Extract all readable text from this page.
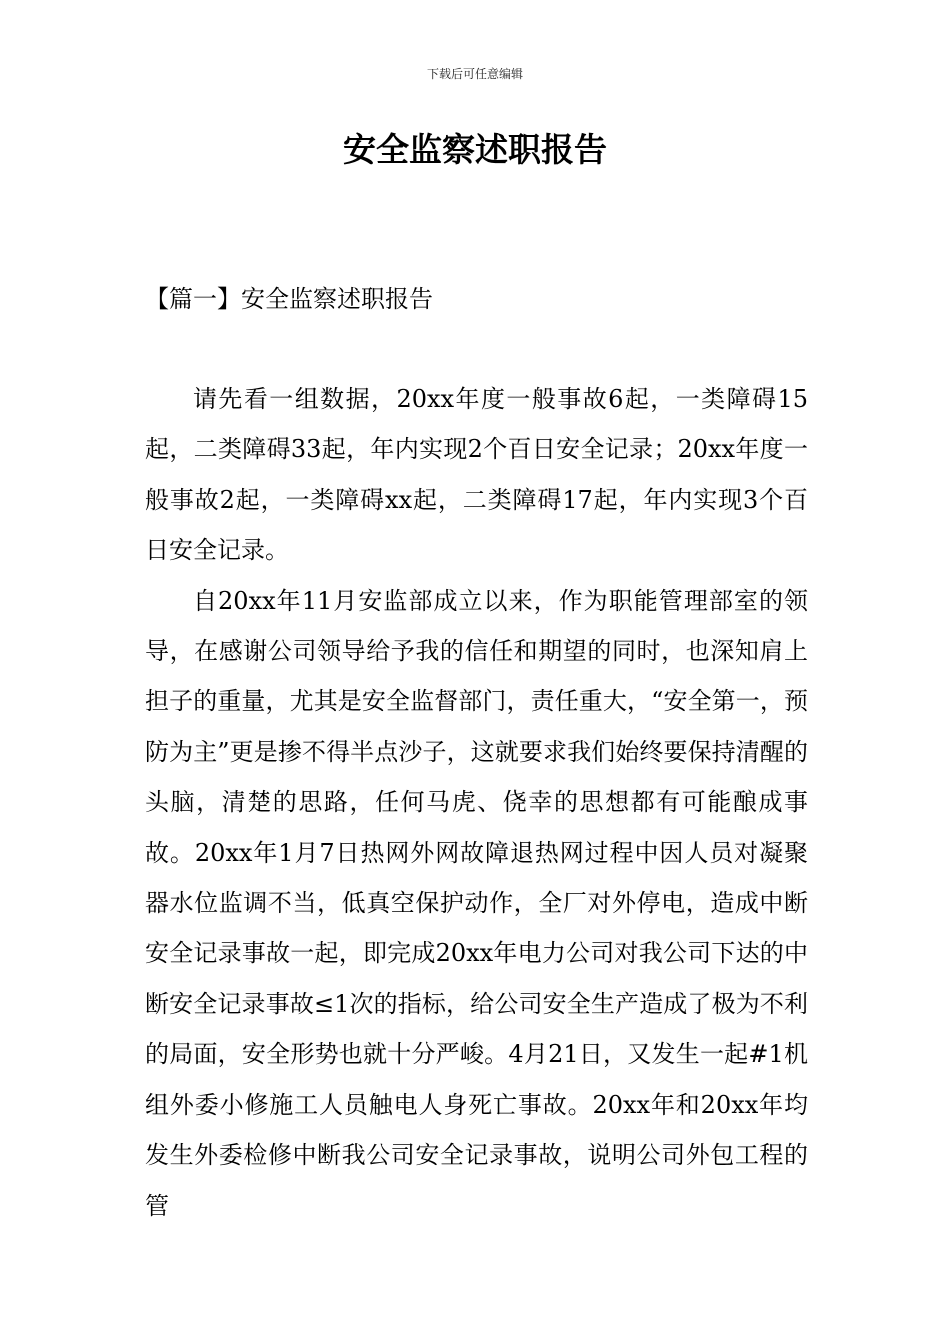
下载后可任意编辑
安全监察述职报告
【篇一】安全监察述职报告

请先看一组数据，20xx年度一般事故6起，一类障碍15起，二类障碍33起，年内实现2个百日安全记录；20xx年度一般事故2起，一类障碍xx起，二类障碍17起，年内实现3个百日安全记录。

自20xx年11月安监部成立以来，作为职能管理部室的领导，在感谢公司领导给予我的信任和期望的同时，也深知肩上担子的重量，尤其是安全监督部门，责任重大，“安全第一，预防为主”更是掺不得半点沙子，这就要求我们始终要保持清醒的头脑，清楚的思路，任何马虎、侥幸的思想都有可能酿成事故。20xx年1月7日热网外网故障退热网过程中因人员对凝聚器水位监调不当，低真空保护动作，全厂对外停电，造成中断安全记录事故一起，即完成20xx年电力公司对我公司下达的中断安全记录事故≤1次的指标，给公司安全生产造成了极为不利的局面，安全形势也就十分严峻。4月21日，又发生一起#1机组外委小修施工人员触电人身死亡事故。20xx年和20xx年均发生外委检修中断我公司安全记录事故，说明公司外包工程的管
